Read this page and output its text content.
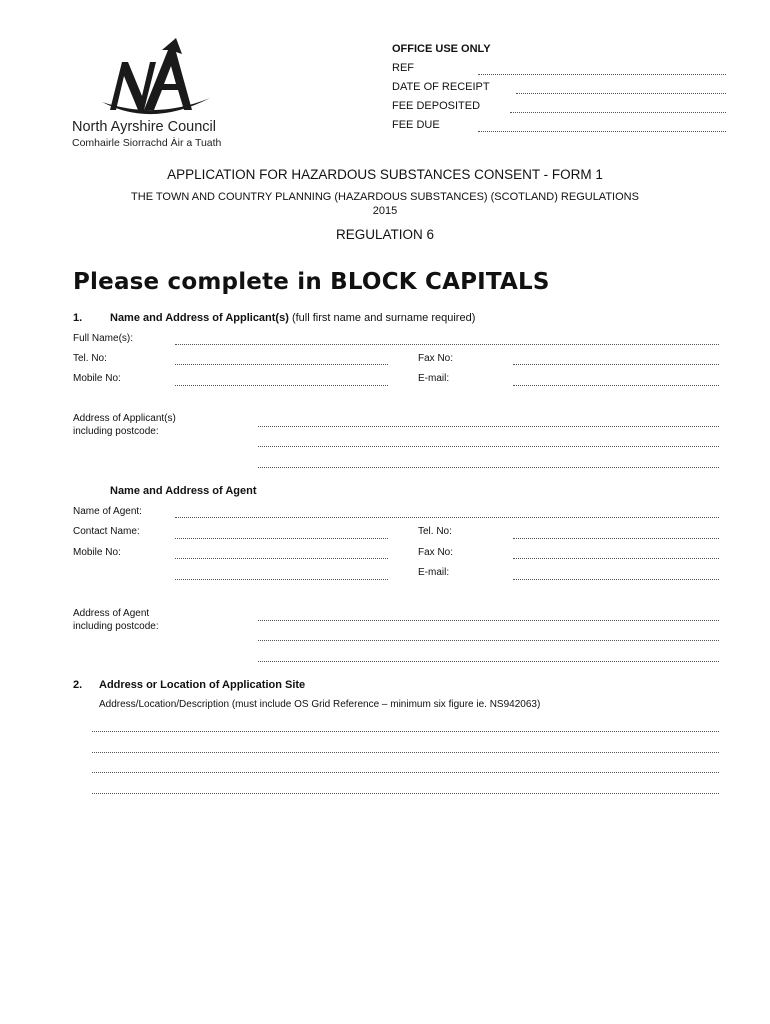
North Ayrshire Council
Comhairle Siorrachd Àir a Tuath
OFFICE USE ONLY
REF
DATE OF RECEIPT
FEE DEPOSITED
FEE DUE
APPLICATION FOR HAZARDOUS SUBSTANCES CONSENT - FORM 1
THE TOWN AND COUNTRY PLANNING (HAZARDOUS SUBSTANCES) (SCOTLAND) REGULATIONS
2015
REGULATION 6
Please complete in BLOCK CAPITALS
1.	Name and Address of Applicant(s) (full first name and surname required)
Full Name(s):
Tel. No:	Fax No:
Mobile No:	E-mail:
Address of Applicant(s)
including postcode:
Name and Address of Agent
Name of Agent:
Contact Name:	Tel. No:
Mobile No:	Fax No:
E-mail:
Address of Agent
including postcode:
2. Address or Location of Application Site
Address/Location/Description (must include OS Grid Reference – minimum six figure ie. NS942063)
